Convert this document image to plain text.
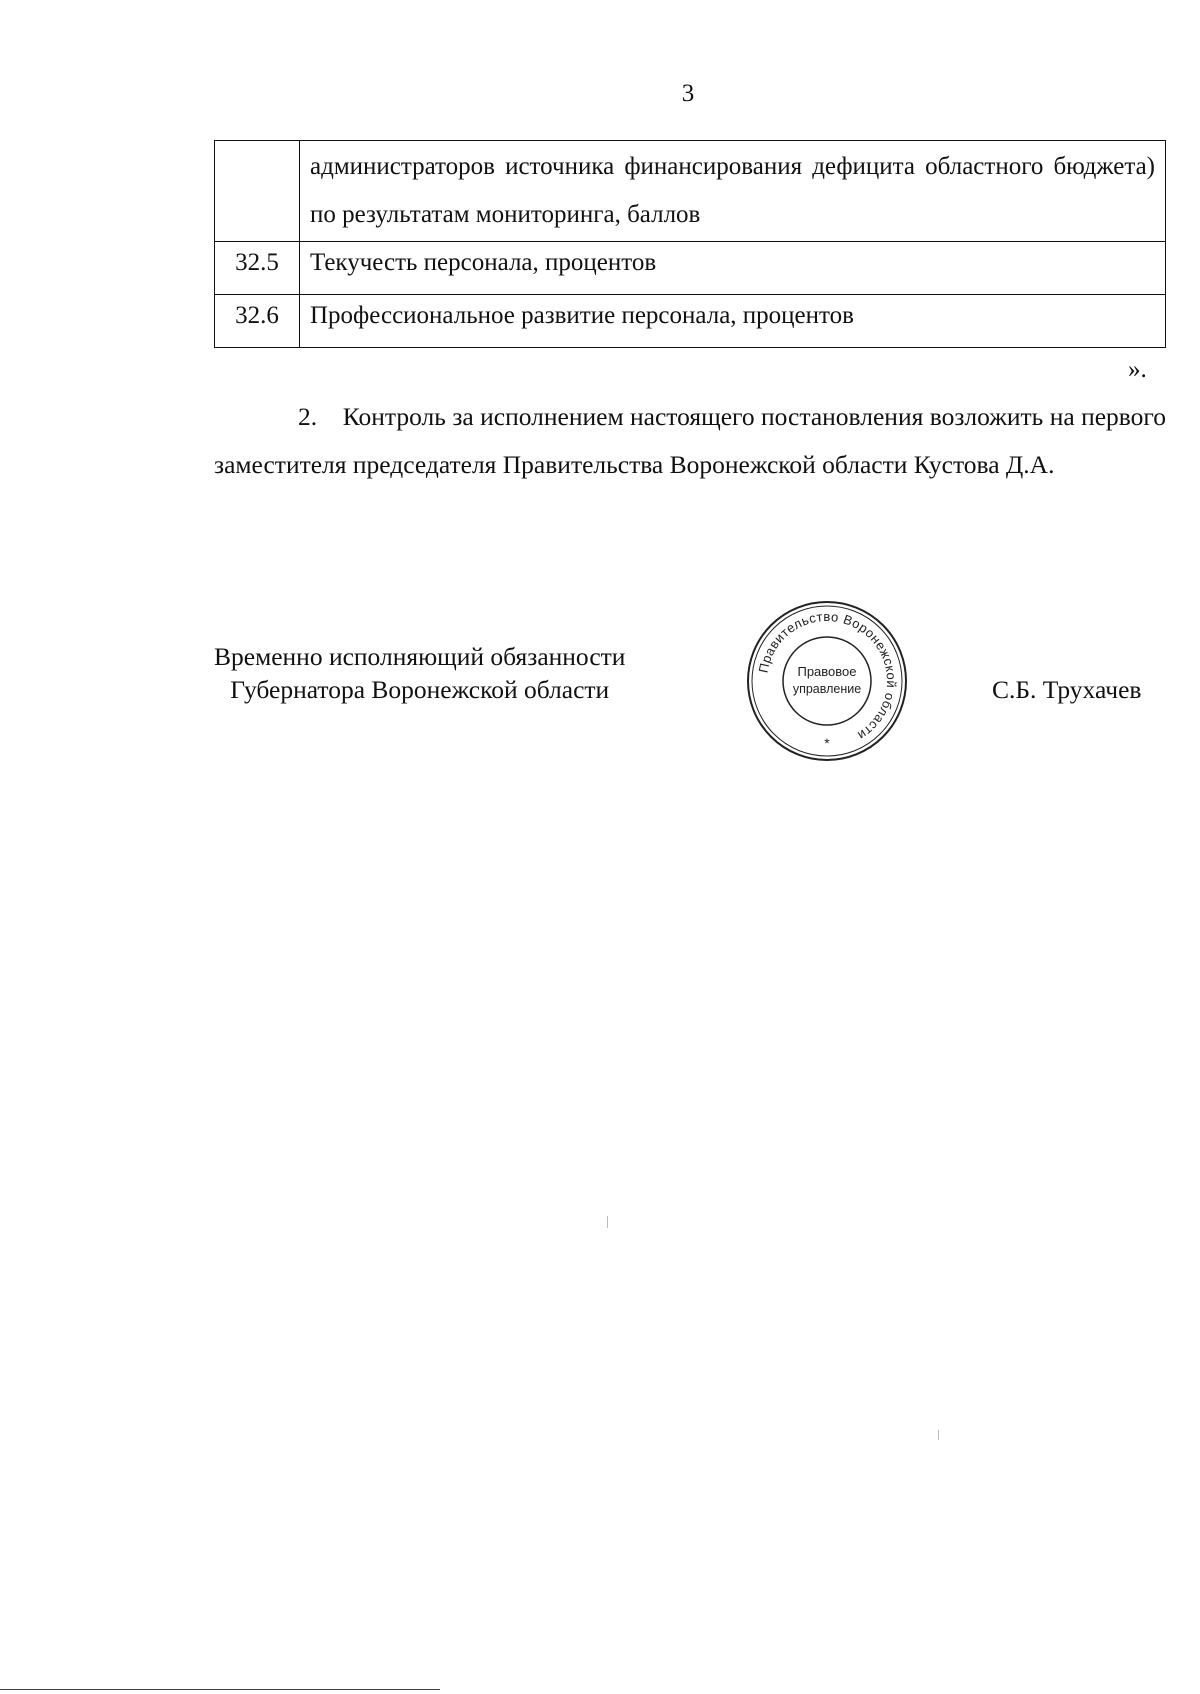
3
	администраторов источника финансирования дефицита областного бюджета) по результатам мониторинга, баллов
32.5	Текучесть персонала, процентов
32.6	Профессиональное развитие персонала, процентов
».
2. Контроль за исполнением настоящего постановления возложить на первого заместителя председателя Правительства Воронежской области Кустова Д.А.
Временно исполняющий обязанности
Губернатора Воронежской области
Правительство Воронежской области
Правовое
управление
*
С.Б. Трухачев
